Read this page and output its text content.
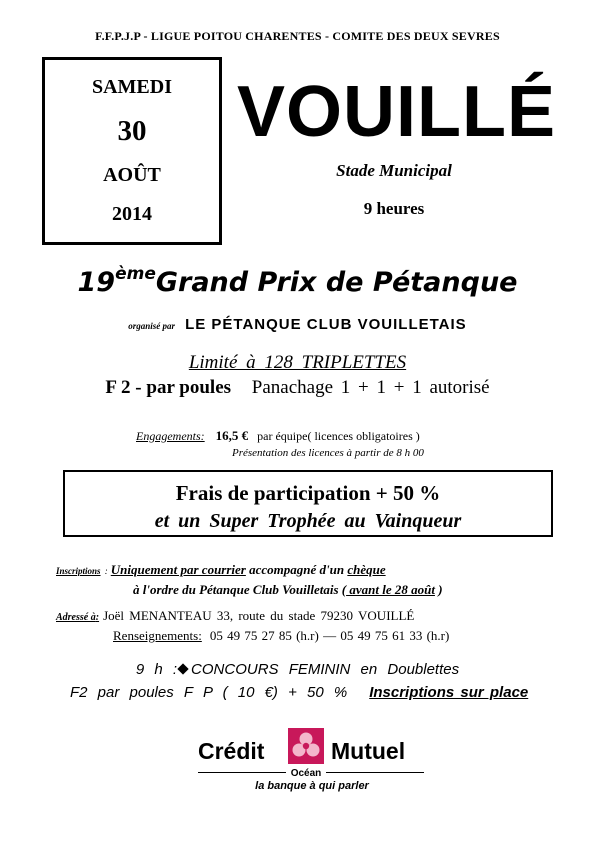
F.F.P.J.P - LIGUE POITOU CHARENTES - COMITE DES DEUX SEVRES
SAMEDI
30
AOÛT
2014
VOUILLÉ
Stade Municipal
9 heures
19èmeGrand Prix de Pétanque
organisé par LE PÉTANQUE CLUB VOUILLETAIS
Limité à 128 TRIPLETTES
F 2 - par poules Panachage 1 + 1 + 1 autorisé
Engagements: 16,5 € par équipe( licences obligatoires )
Présentation des licences à partir de 8 h 00
Frais de participation + 50 %
et un Super Trophée au Vainqueur
Inscriptions : Uniquement par courrier accompagné d'un chèque
à l'ordre du Pétanque Club Vouilletais ( avant le 28 août )
Adressé à: Joël MENANTEAU 33, route du stade 79230 VOUILLÉ
Renseignements: 05 49 75 27 85 (h.r) — 05 49 75 61 33 (h.r)
9 h : CONCOURS FEMININ en Doublettes
F2 par poules F P ( 10 €) + 50 % Inscriptions sur place
Crédit	Mutuel
Océan
la banque à qui parler
